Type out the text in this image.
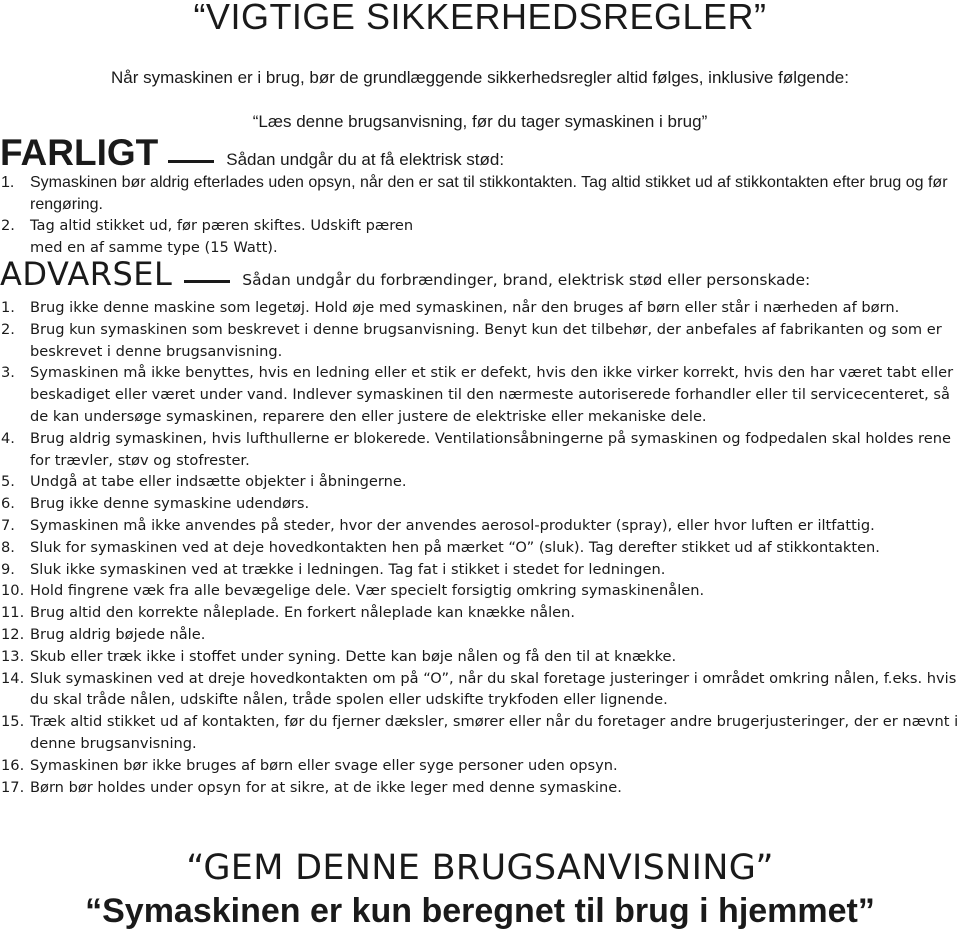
“VIGTIGE SIKKERHEDSREGLER”
Når symaskinen er i brug, bør de grundlæggende sikkerhedsregler altid følges, inklusive følgende:
“Læs denne brugsanvisning, før du tager symaskinen i brug”
FARLIGT	Sådan undgår du at få elektrisk stød:
1. Symaskinen bør aldrig efterlades uden opsyn, når den er sat til stikkontakten. Tag altid stikket ud af stikkontakten efter brug og før rengøring.
2. Tag altid stikket ud, før pæren skiftes. Udskift pæren med en af samme type (15 Watt).
ADVARSEL	Sådan undgår du forbrændinger, brand, elektrisk stød eller personskade:
1. Brug ikke denne maskine som legetøj. Hold øje med symaskinen, når den bruges af børn eller står i nærheden af børn.
2. Brug kun symaskinen som beskrevet i denne brugsanvisning. Benyt kun det tilbehør, der anbefales af fabrikanten og som er beskrevet i denne brugsanvisning.
3. Symaskinen må ikke benyttes, hvis en ledning eller et stik er defekt, hvis den ikke virker korrekt, hvis den har været tabt eller beskadiget eller været under vand. Indlever symaskinen til den nærmeste autoriserede forhandler eller til servicecenteret, så de kan undersøge symaskinen, reparere den eller justere de elektriske eller mekaniske dele.
4. Brug aldrig symaskinen, hvis lufthullerne er blokerede. Ventilationsåbningerne på symaskinen og fodpedalen skal holdes rene for trævler, støv og stofrester.
5. Undgå at tabe eller indsætte objekter i åbningerne.
6. Brug ikke denne symaskine udendørs.
7. Symaskinen må ikke anvendes på steder, hvor der anvendes aerosol-produkter (spray), eller hvor luften er iltfattig.
8. Sluk for symaskinen ved at deje hovedkontakten hen på mærket “O” (sluk). Tag derefter stikket ud af stikkontakten.
9. Sluk ikke symaskinen ved at trække i ledningen. Tag fat i stikket i stedet for ledningen.
10. Hold fingrene væk fra alle bevægelige dele. Vær specielt forsigtig omkring symaskinenålen.
11. Brug altid den korrekte nåleplade. En forkert nåleplade kan knække nålen.
12. Brug aldrig bøjede nåle.
13. Skub eller træk ikke i stoffet under syning. Dette kan bøje nålen og få den til at knække.
14. Sluk symaskinen ved at dreje hovedkontakten om på “O”, når du skal foretage justeringer i området omkring nålen, f.eks. hvis du skal tråde nålen, udskifte nålen, tråde spolen eller udskifte trykfoden eller lignende.
15. Træk altid stikket ud af kontakten, før du fjerner dæksler, smører eller når du foretager andre brugerjusteringer, der er nævnt i denne brugsanvisning.
16. Symaskinen bør ikke bruges af børn eller svage eller syge personer uden opsyn.
17. Børn bør holdes under opsyn for at sikre, at de ikke leger med denne symaskine.
“GEM DENNE BRUGSANVISNING”
“Symaskinen er kun beregnet til brug i hjemmet”
